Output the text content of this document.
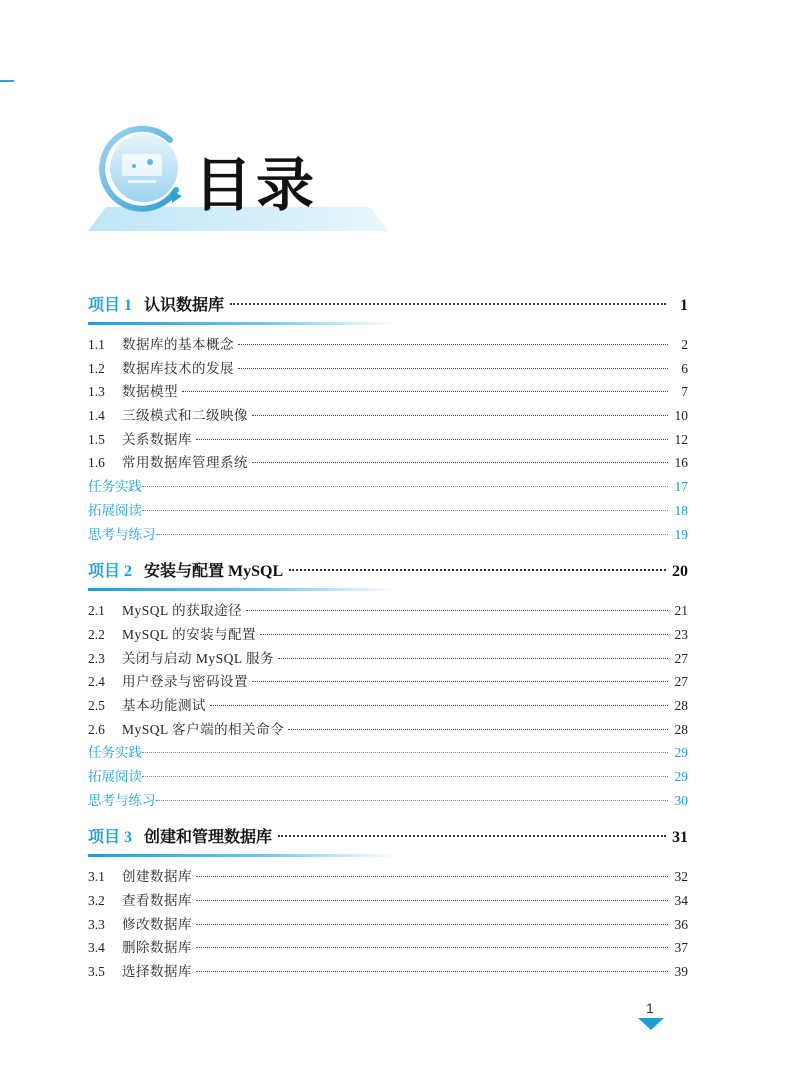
目录
项目 1 认识数据库	1
1.1	数据库的基本概念	2
1.2	数据库技术的发展	6
1.3	数据模型	7
1.4	三级模式和二级映像	10
1.5	关系数据库	12
1.6	常用数据库管理系统	16
任务实践	17
拓展阅读	18
思考与练习	19
项目 2 安装与配置 MySQL	20
2.1	MySQL 的获取途径	21
2.2	MySQL 的安装与配置	23
2.3	关闭与启动 MySQL 服务	27
2.4	用户登录与密码设置	27
2.5	基本功能测试	28
2.6	MySQL 客户端的相关命令	28
任务实践	29
拓展阅读	29
思考与练习	30
项目 3 创建和管理数据库	31
3.1	创建数据库	32
3.2	查看数据库	34
3.3	修改数据库	36
3.4	删除数据库	37
3.5	选择数据库	39
1
